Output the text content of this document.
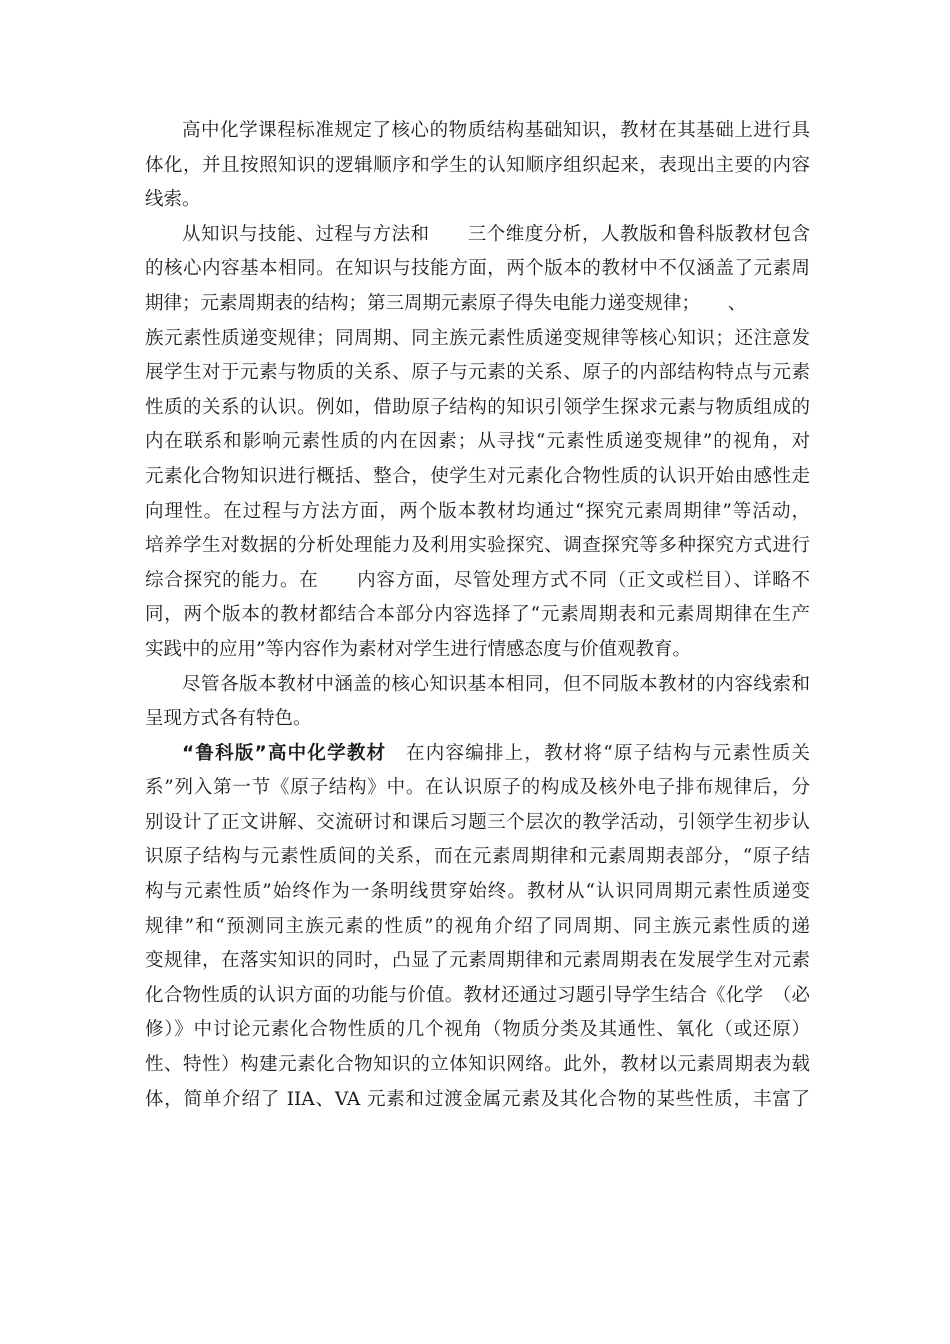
高中化学课程标准规定了核心的物质结构基础知识，教材在其基础上进行具
体化，并且按照知识的逻辑顺序和学生的认知顺序组织起来，表现出主要的内容
线索。
从知识与技能、过程与方法和　　三个维度分析，人教版和鲁科版教材包含
的核心内容基本相同。在知识与技能方面，两个版本的教材中不仅涵盖了元素周
期律；元素周期表的结构；第三周期元素原子得失电能力递变规律；　　、
族元素性质递变规律；同周期、同主族元素性质递变规律等核心知识；还注意发
展学生对于元素与物质的关系、原子与元素的关系、原子的内部结构特点与元素
性质的关系的认识。例如，借助原子结构的知识引领学生探求元素与物质组成的
内在联系和影响元素性质的内在因素；从寻找“元素性质递变规律”的视角，对
元素化合物知识进行概括、整合，使学生对元素化合物性质的认识开始由感性走
向理性。在过程与方法方面，两个版本教材均通过“探究元素周期律”等活动，
培养学生对数据的分析处理能力及利用实验探究、调查探究等多种探究方式进行
综合探究的能力。在　　内容方面，尽管处理方式不同（正文或栏目）、详略不
同，两个版本的教材都结合本部分内容选择了“元素周期表和元素周期律在生产
实践中的应用”等内容作为素材对学生进行情感态度与价值观教育。
尽管各版本教材中涵盖的核心知识基本相同，但不同版本教材的内容线索和
呈现方式各有特色。
“鲁科版”高中化学教材　在内容编排上，教材将“原子结构与元素性质关
系”列入第一节《原子结构》中。在认识原子的构成及核外电子排布规律后，分
别设计了正文讲解、交流研讨和课后习题三个层次的教学活动，引领学生初步认
识原子结构与元素性质间的关系，而在元素周期律和元素周期表部分，“原子结
构与元素性质”始终作为一条明线贯穿始终。教材从“认识同周期元素性质递变
规律”和“预测同主族元素的性质”的视角介绍了同周期、同主族元素性质的递
变规律，在落实知识的同时，凸显了元素周期律和元素周期表在发展学生对元素
化合物性质的认识方面的功能与价值。教材还通过习题引导学生结合《化学　（必
修）》中讨论元素化合物性质的几个视角（物质分类及其通性、氧化（或还原）
性、特性）构建元素化合物知识的立体知识网络。此外，教材以元素周期表为载
体，简单介绍了 IIA、VA 元素和过渡金属元素及其化合物的某些性质，丰富了
